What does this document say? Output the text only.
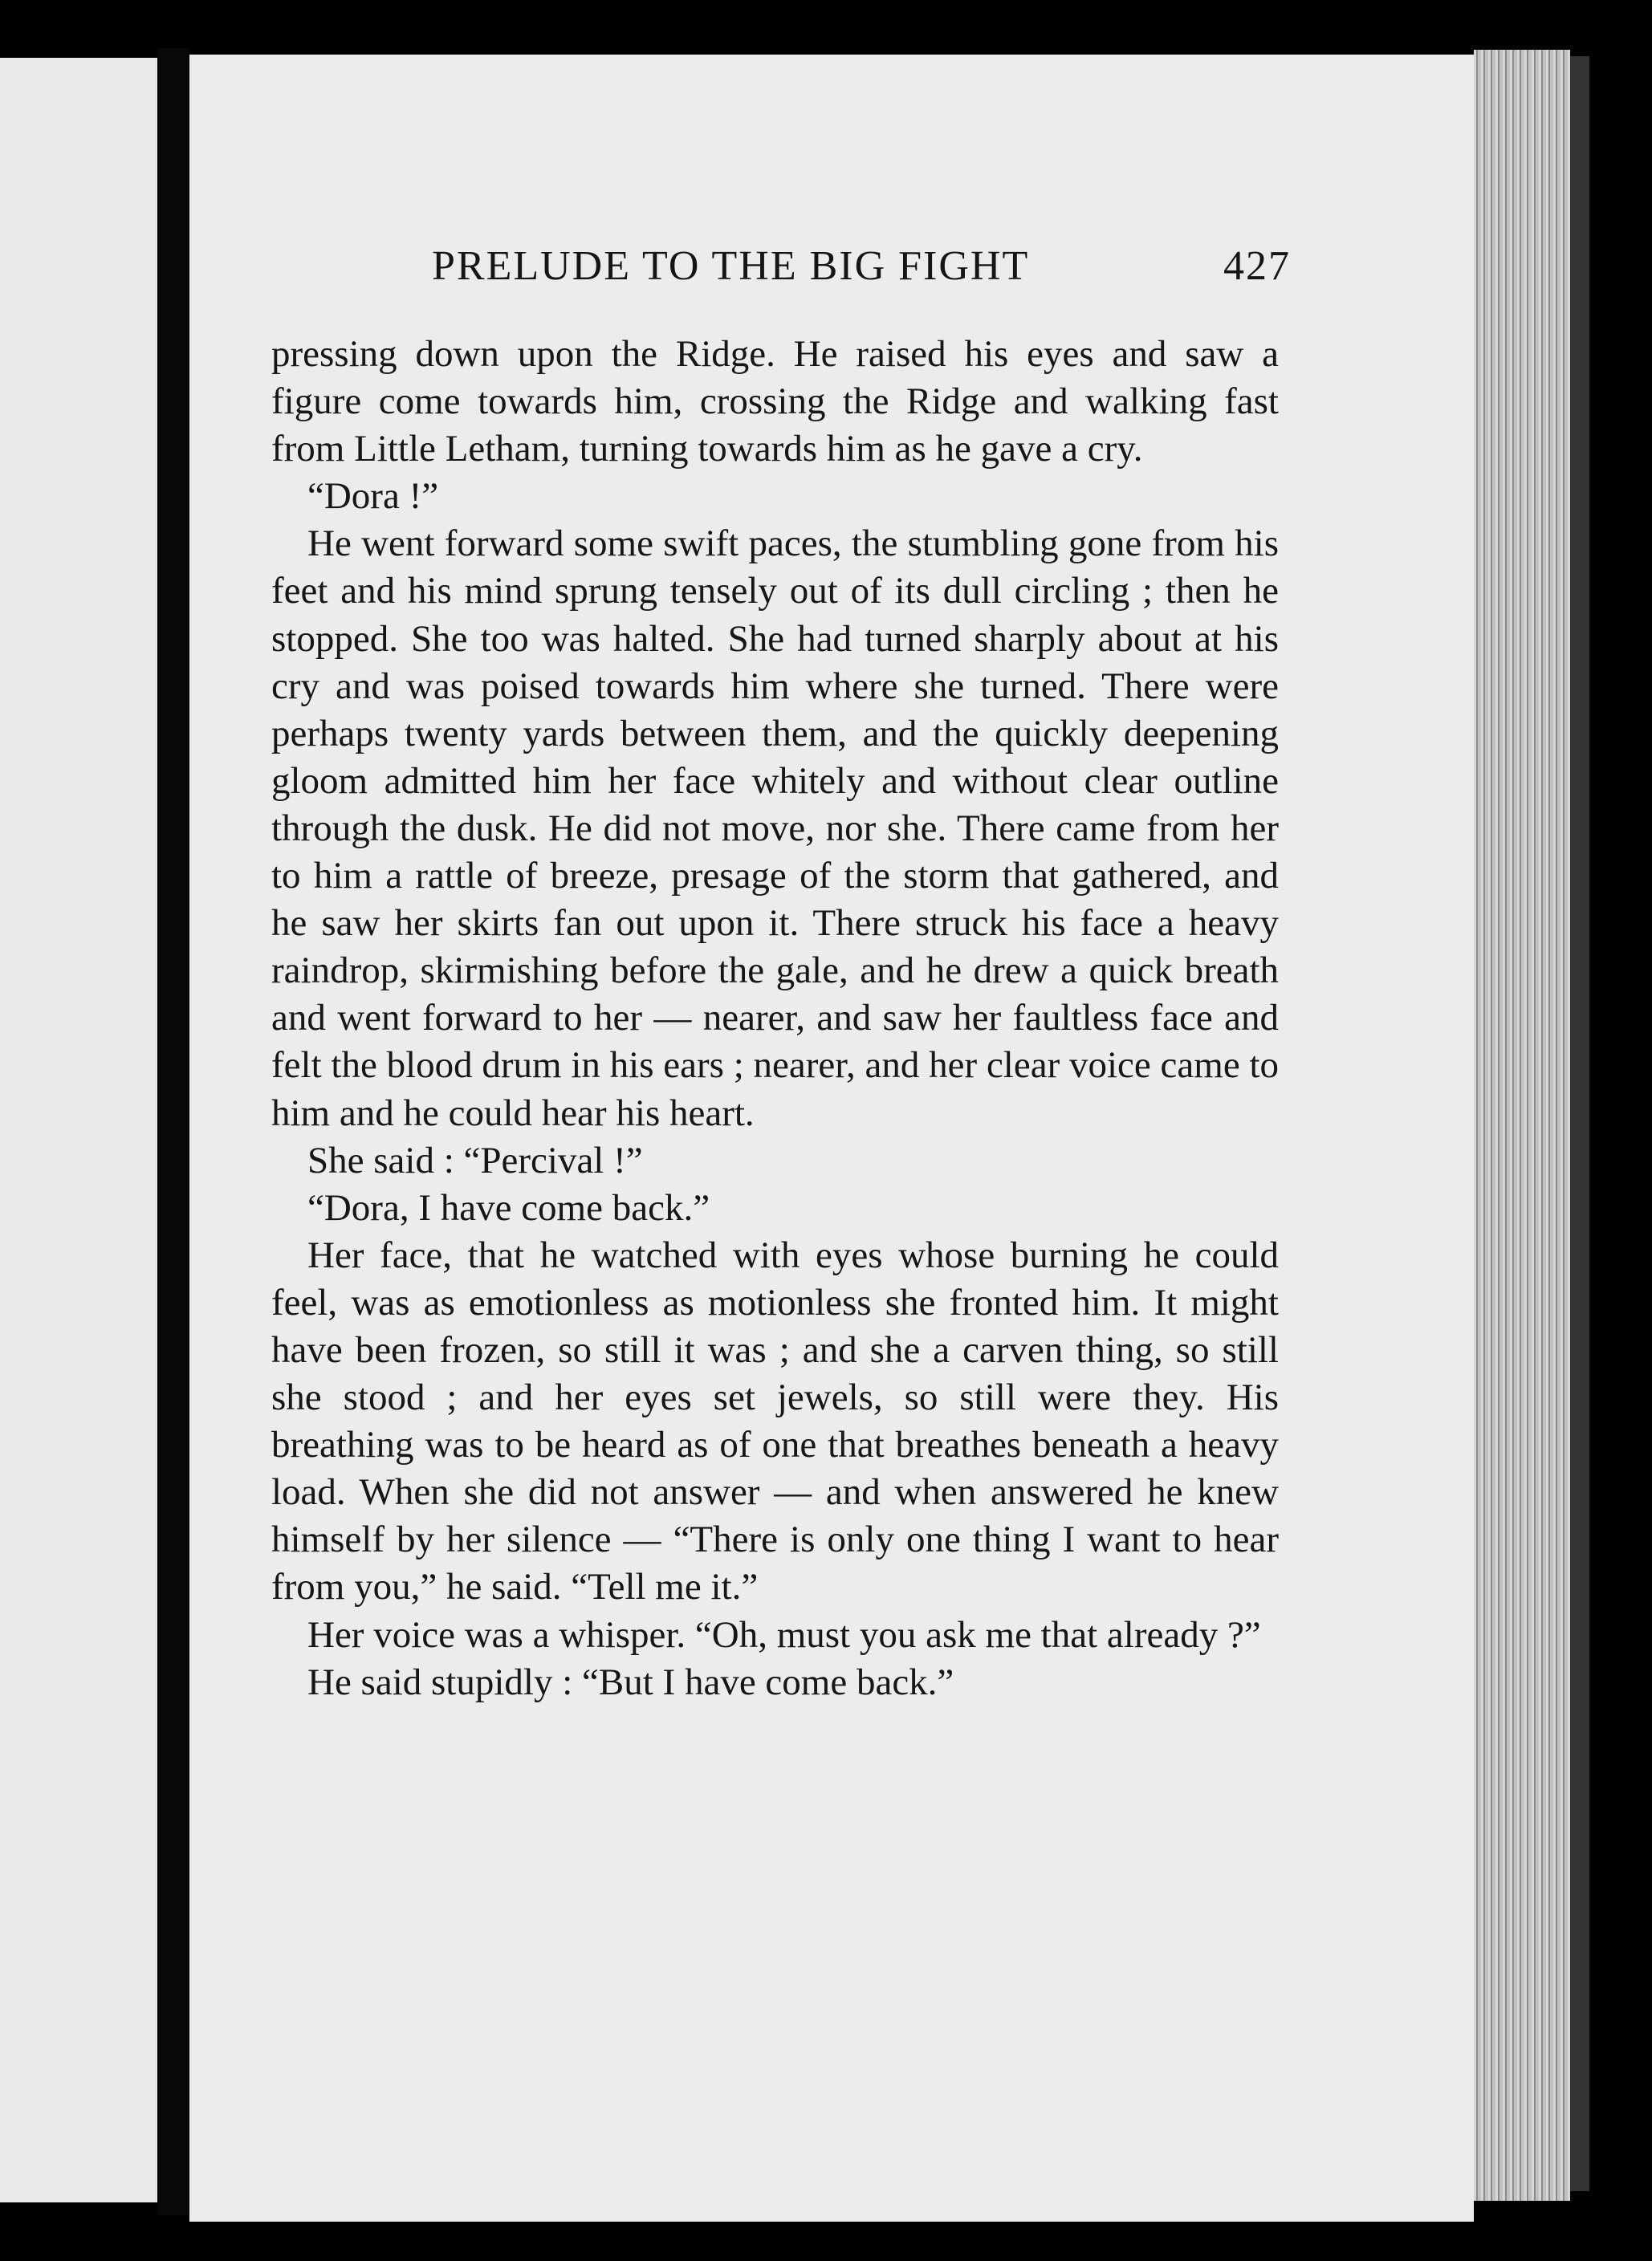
PRELUDE TO THE BIG FIGHT	427

pressing down upon the Ridge. He raised his eyes and saw a figure come towards him, crossing the Ridge and walking fast from Little Letham, turning towards him as he gave a cry.

“Dora !”

He went forward some swift paces, the stumbling gone from his feet and his mind sprung tensely out of its dull circling ; then he stopped. She too was halted. She had turned sharply about at his cry and was poised towards him where she turned. There were perhaps twenty yards between them, and the quickly deepening gloom admitted him her face whitely and without clear outline through the dusk. He did not move, nor she. There came from her to him a rattle of breeze, presage of the storm that gathered, and he saw her skirts fan out upon it. There struck his face a heavy raindrop, skirmishing before the gale, and he drew a quick breath and went forward to her — nearer, and saw her faultless face and felt the blood drum in his ears ; nearer, and her clear voice came to him and he could hear his heart.

She said : “Percival !”

“Dora, I have come back.”

Her face, that he watched with eyes whose burning he could feel, was as emotionless as motionless she fronted him. It might have been frozen, so still it was ; and she a carven thing, so still she stood ; and her eyes set jewels, so still were they. His breathing was to be heard as of one that breathes beneath a heavy load. When she did not answer — and when answered he knew himself by her silence — “There is only one thing I want to hear from you,” he said. “Tell me it.”

Her voice was a whisper. “Oh, must you ask me that already ?”

He said stupidly : “But I have come back.”
